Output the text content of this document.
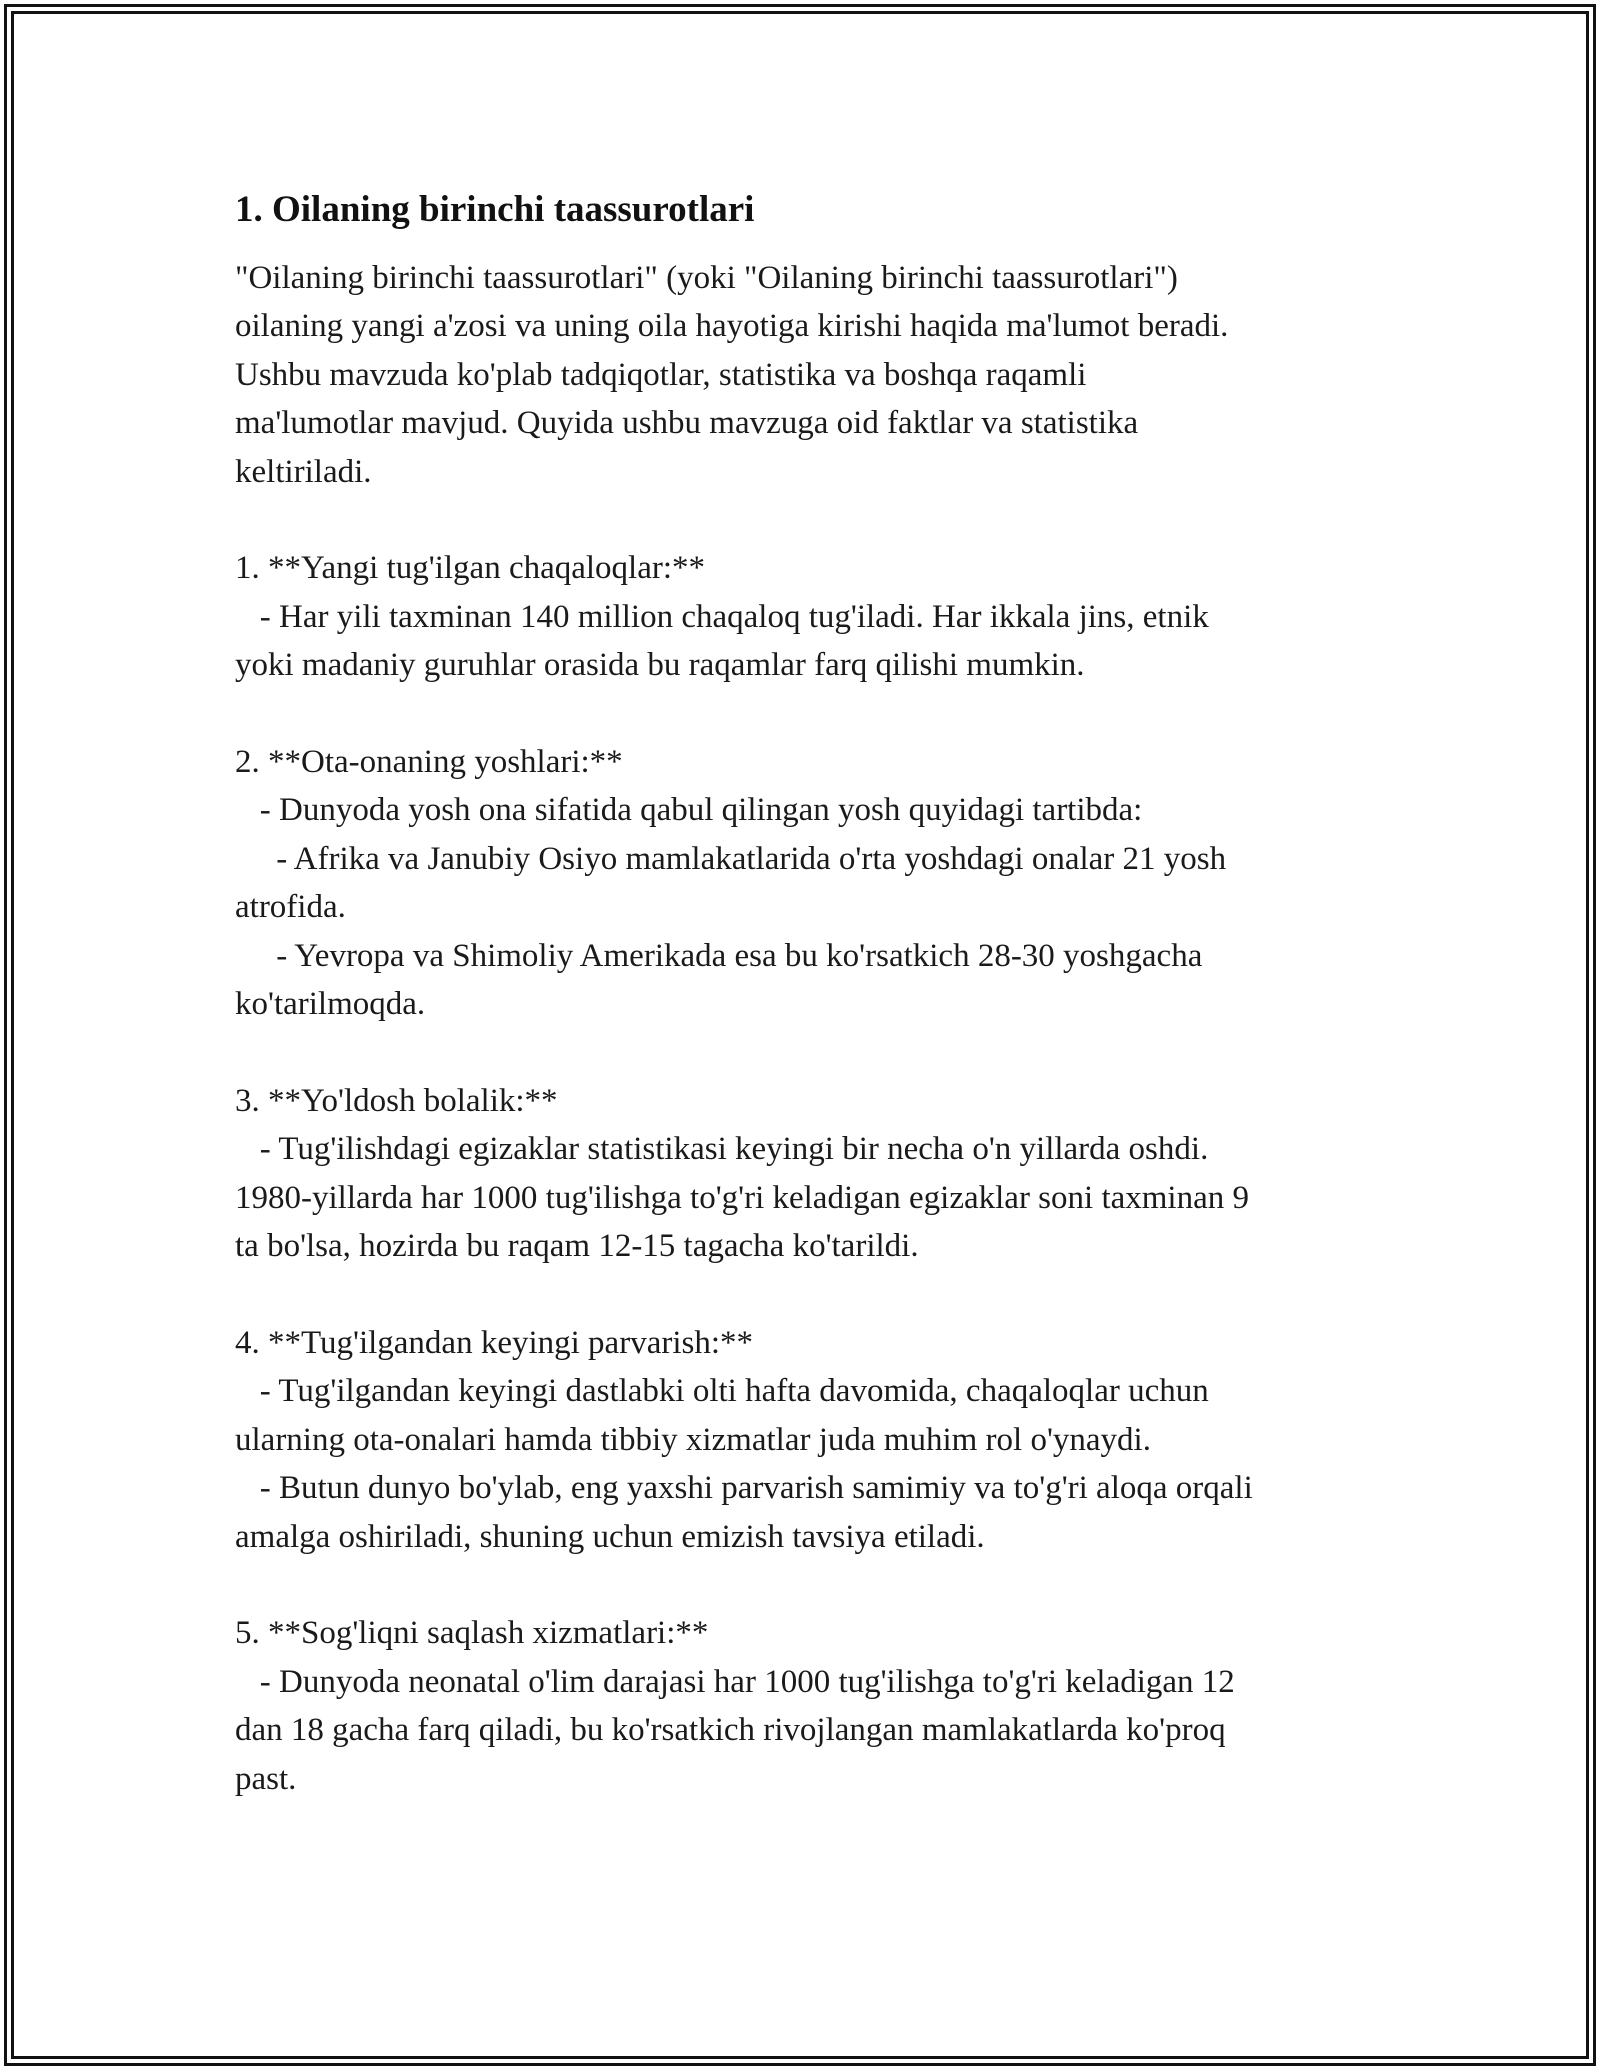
1. Oilaning birinchi taassurotlari
"Oilaning birinchi taassurotlari" (yoki "Oilaning birinchi taassurotlari")
oilaning yangi a'zosi va uning oila hayotiga kirishi haqida ma'lumot beradi.
Ushbu mavzuda ko'plab tadqiqotlar, statistika va boshqa raqamli
ma'lumotlar mavjud. Quyida ushbu mavzuga oid faktlar va statistika
keltiriladi.
1. **Yangi tug'ilgan chaqaloqlar:**
- Har yili taxminan 140 million chaqaloq tug'iladi. Har ikkala jins, etnik
yoki madaniy guruhlar orasida bu raqamlar farq qilishi mumkin.
2. **Ota-onaning yoshlari:**
- Dunyoda yosh ona sifatida qabul qilingan yosh quyidagi tartibda:
- Afrika va Janubiy Osiyo mamlakatlarida o'rta yoshdagi onalar 21 yosh
atrofida.
- Yevropa va Shimoliy Amerikada esa bu ko'rsatkich 28-30 yoshgacha
ko'tarilmoqda.
3. **Yo'ldosh bolalik:**
- Tug'ilishdagi egizaklar statistikasi keyingi bir necha o'n yillarda oshdi.
1980-yillarda har 1000 tug'ilishga to'g'ri keladigan egizaklar soni taxminan 9
ta bo'lsa, hozirda bu raqam 12-15 tagacha ko'tarildi.
4. **Tug'ilgandan keyingi parvarish:**
- Tug'ilgandan keyingi dastlabki olti hafta davomida, chaqaloqlar uchun
ularning ota-onalari hamda tibbiy xizmatlar juda muhim rol o'ynaydi.
- Butun dunyo bo'ylab, eng yaxshi parvarish samimiy va to'g'ri aloqa orqali
amalga oshiriladi, shuning uchun emizish tavsiya etiladi.
5. **Sog'liqni saqlash xizmatlari:**
- Dunyoda neonatal o'lim darajasi har 1000 tug'ilishga to'g'ri keladigan 12
dan 18 gacha farq qiladi, bu ko'rsatkich rivojlangan mamlakatlarda ko'proq
past.
